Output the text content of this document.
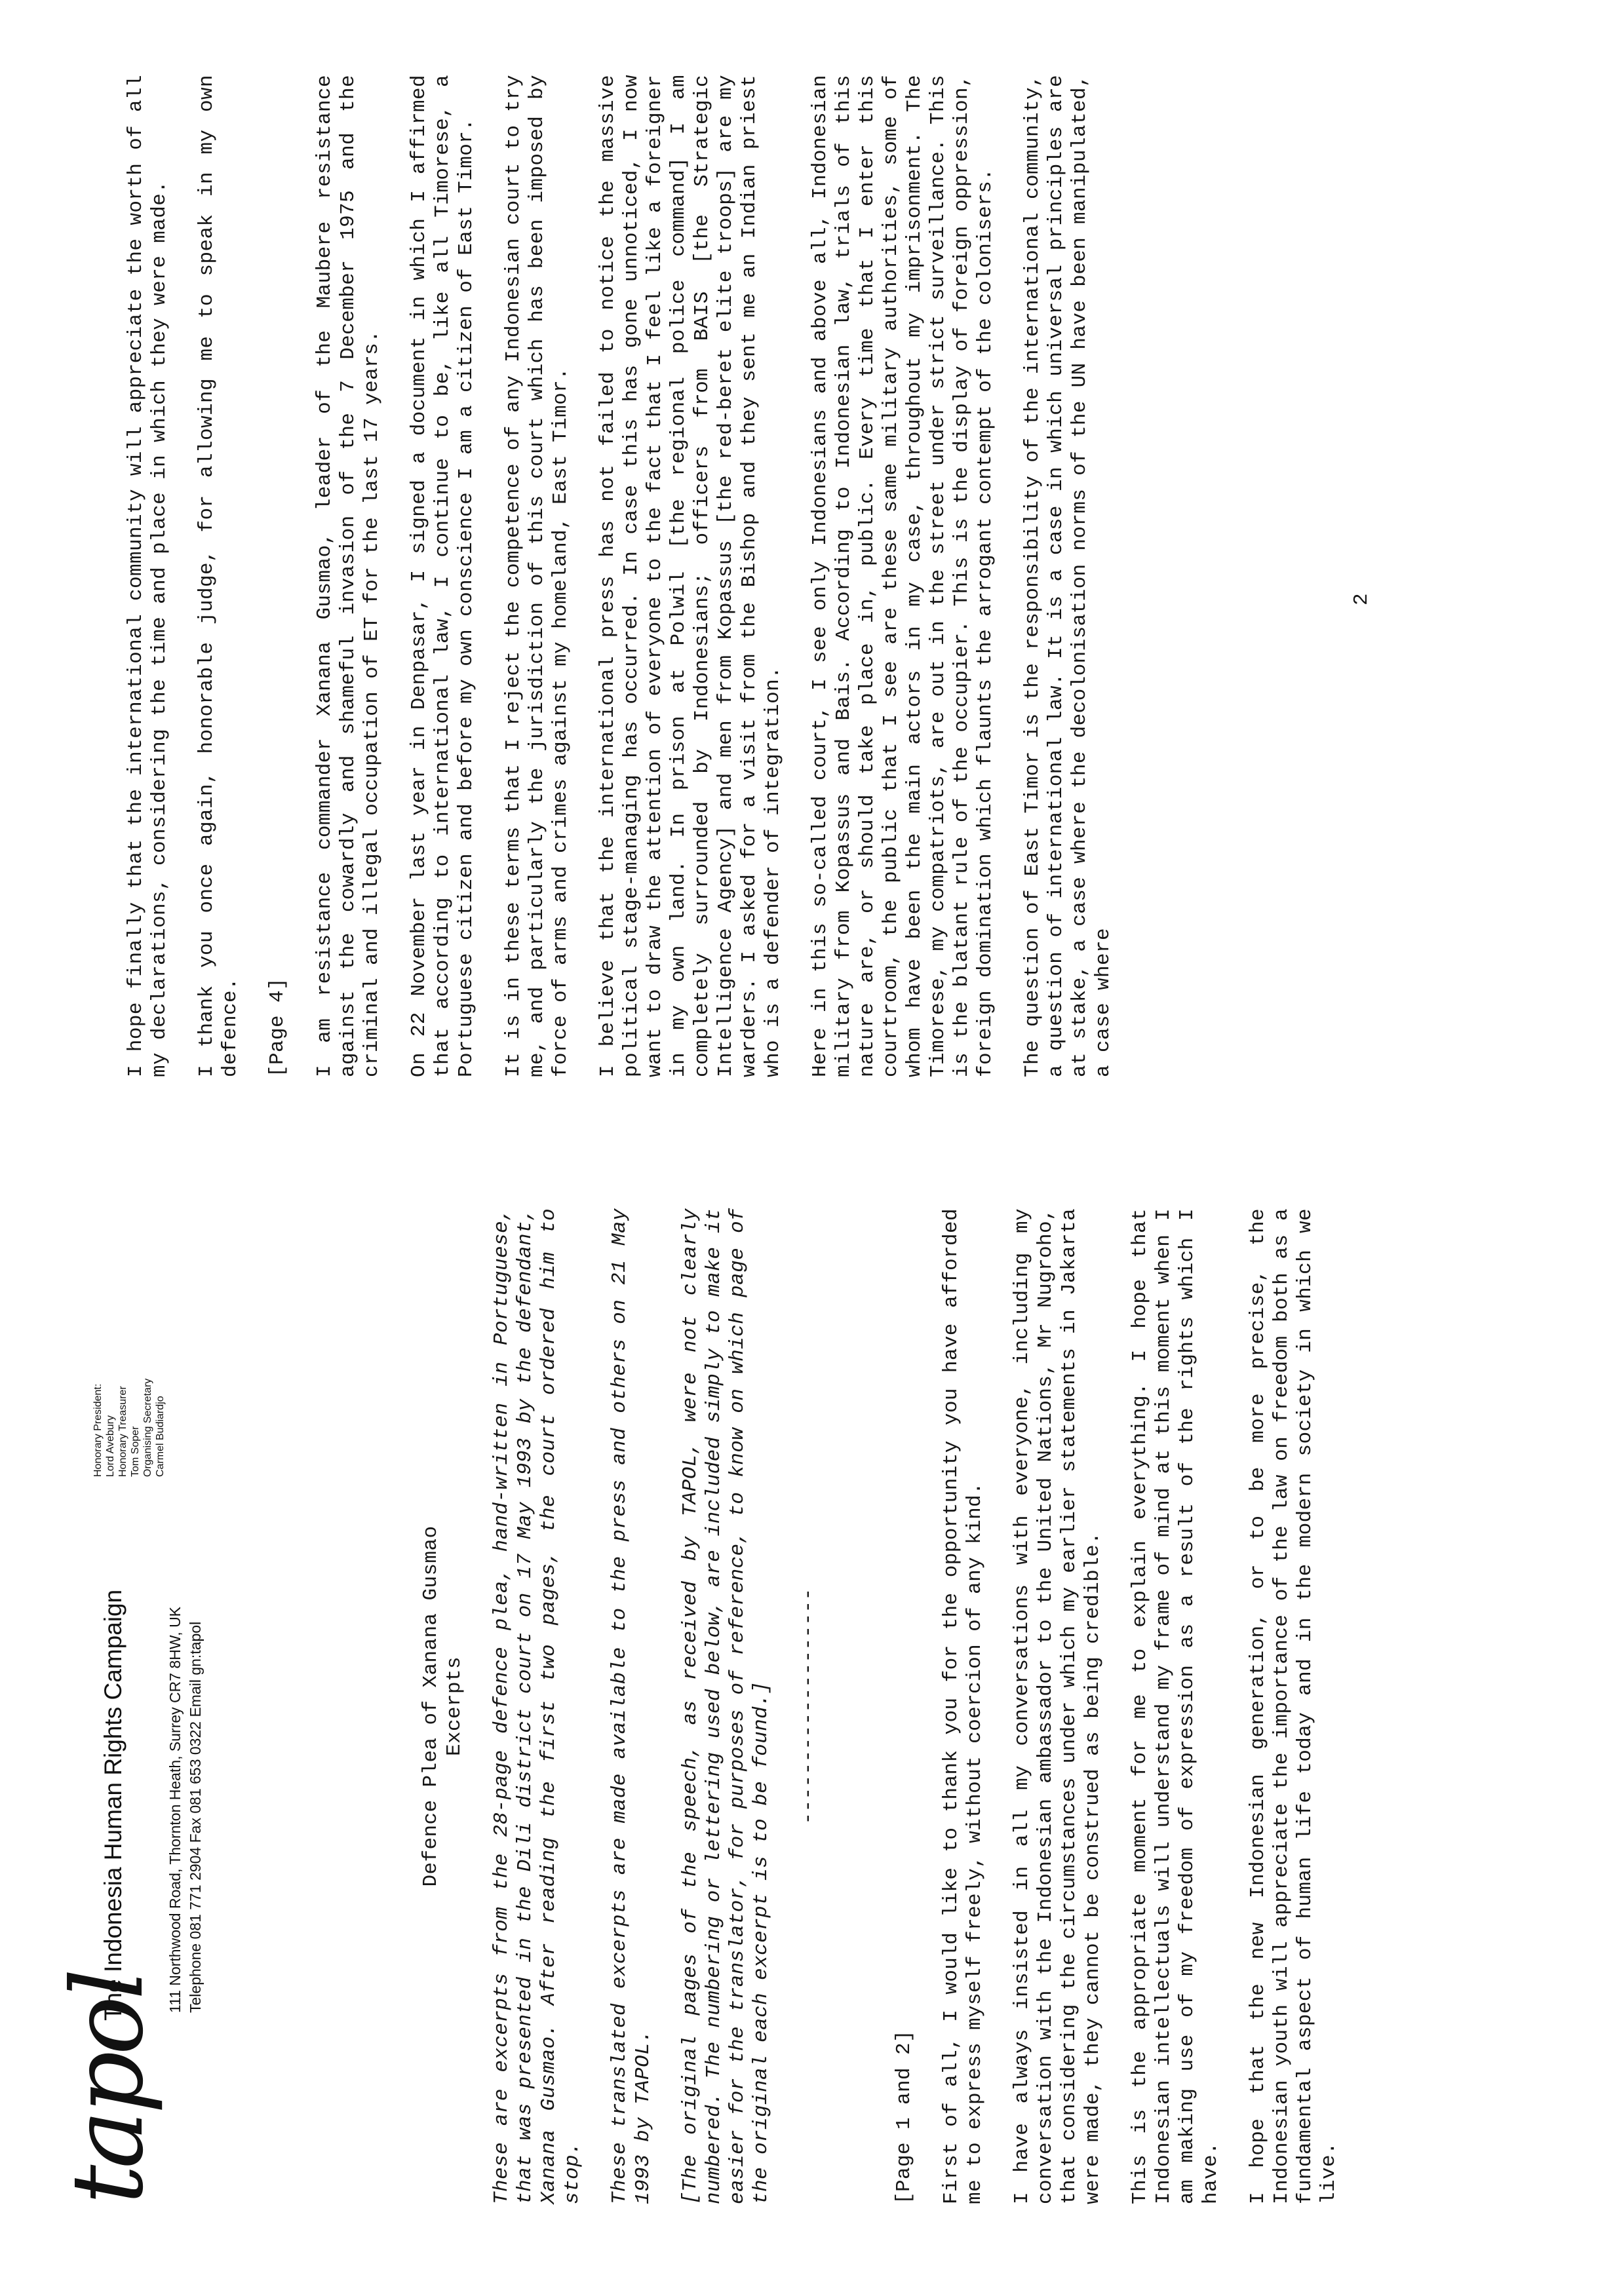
tapol
The Indonesia Human Rights Campaign	111 Northwood Road, Thornton Heath, Surrey CR7 8HW, UK Telephone 081 771 2904 Fax 081 653 0322 Email gn:tapol
Honorary President: Lord Avebury Honorary Treasurer Tom Soper Organising Secretary Carmel Budiardjo
Defence Plea of Xanana Gusmao Excerpts These are excerpts from the 28-page defence plea, hand-written in Portuguese, that was presented in the Dili district court on 17 May 1993 by the defendant, Xanana Gusmao. After reading the first two pages, the court ordered him to stop. These translated excerpts are made available to the press and others on 21 May 1993 by TAPOL. [The original pages of the speech, as received by TAPOL, were not clearly numbered. The numbering or lettering used below, are included simply to make it easier for the translator, for purposes of reference, to know on which page of the original each excerpt is to be found.] -------------------
[Page 1 and 2] First of all, I would like to thank you for the opportunity you have afforded me to express myself freely, without coercion of any kind. I have always insisted in all my conversations with everyone, including my conversation with the Indonesian ambassador to the United Nations, Mr Nugroho, that considering the circumstances under which my earlier statements in Jakarta were made, they cannot be construed as being credible. This is the appropriate moment for me to explain everything. I hope that Indonesian intellectuals will understand my frame of mind at this moment when I am making use of my freedom of expression as a result of the rights which I have. I hope that the new Indonesian generation, or to be more precise, the Indonesian youth will appreciate the importance of the law on freedom both as a fundamental aspect of human life today and in the modern society in which we live.

I hope finally that the international community will appreciate the worth of all my declarations, considering the time and place in which they were made. I thank you once again, honorable judge, for allowing me to speak in my own defence. [Page 4] I am resistance commander Xanana Gusmao, leader of the Maubere resistance against the cowardly and shameful invasion of the 7 December 1975 and the criminal and illegal occupation of ET for the last 17 years. On 22 November last year in Denpasar, I signed a document in which I affirmed that according to international law, I continue to be, like all Timorese, a Portuguese citizen and before my own conscience I am a citizen of East Timor. It is in these terms that I reject the competence of any Indonesian court to try me, and particularly the jurisdiction of this court which has been imposed by force of arms and crimes against my homeland, East Timor. I believe that the international press has not failed to notice the massive political stage-managing has occurred. In case this has gone unnoticed, I now want to draw the attention of everyone to the fact that I feel like a foreigner in my own land. In prison at Polwil [the regional police command] I am completely surrounded by Indonesians; officers from BAIS [the Strategic Intelligence Agency] and men from Kopassus [the red-beret elite troops] are my warders. I asked for a visit from the Bishop and they sent me an Indian priest who is a defender of integration. Here in this so-called court, I see only Indonesians and above all, Indonesian military from Kopassus and Bais. According to Indonesian law, trials of this nature are, or should take place in, public. Every time that I enter this courtroom, the public that I see are these same military authorities, some of whom have been the main actors in my case, throughout my imprisonment. The Timorese, my compatriots, are out in the street under strict surveillance. This is the blatant rule of the occupier. This is the display of foreign oppression, foreign domination which flaunts the arrogant contempt of the colonisers. The question of East Timor is the responsibility of the international community, a question of international law. It is a case in which universal principles are at stake, a case where the decolonisation norms of the UN have been manipulated, a case where

2
